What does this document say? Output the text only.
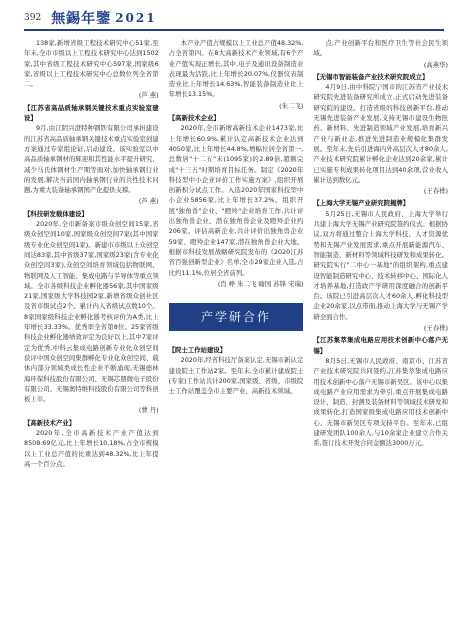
392 無錫年鑒 2021

138家,新增省级工程技术研究中心51家,至年末,全市市级以上工程技术研究中心达到1502家,其中省级工程技术研究中心597家,国家级6家,省级以上工程技术研究中心总数位列全省第二。

(芦 燕)

【江苏省高品质轴承钢关键技术重点实验室建设】

9月,由江阴兴澄特种钢铁有限公司承担建设的江苏省高品质轴承钢关键技术重点实验室创建方案通过专家组论证,启动建设。该实验室以中高品质轴承钢材的辉迎和其性能水平提升研究、减少马氏体钢材生产期等面对,加快轴承钢行业的发展,解决当前国内轴承钢行业的共性技术问题,为重大装备轴承钢国产化提供支撑。

(芦 燕)

【科技研发载体建设】

2020年,全市新备案市级众创空间15家,省级众创空间10家,国家级众创空间7家(其中国家级专业化众创空间1家)。新建市市级以上众创空间达83家,其中省级37家,国家级23家(含专业化众创空间3家),众创空间培育领域包括物联网、物联网及人工智能、集成电路与半导体等重点领域。全市各级科技企业孵化器56家,其中国家级21家,国家级大学科技园2家,新增省级众创社区及省市级试点2个。累计内入省级试点数10个。8家国家级科技企业孵化器考核评价为A类,比上年增长33.33%。优秀率全省第8位。25家省级科技企业孵化器绩效评定为良好以上,其中7家评定为优秀,中科云集成电路创新专业化众创空间获评中国众创空间集群孵化专业化众创空间、载体内部分领域类成长性企业不断涌现,无锡德林海环保科技股份有限公司、无锡芯朋微电子股份有限公司、无锡奥特维科技股份有限公司等科创板上市。

(曹 丹)

【高新技术产业】

2020年,全市高新技术产业产值达到8508.69亿元,比上年增长10.18%,占全市规模以上工业总产值的比重达到48.32%,比上年提高一个百分点。

本产业产值占规模以上工业总产值48.32%,占全省第四。在8大高新技术产业领域,有6个产业产值实现正增长,其中,电子及通讯设备制造业表现最为活跃,比上年增长20.07%,仪器仪表制造业比上年增长14.63%,智能装备制造业比上年增长13.15%。

(朱二飞)

【高新技术企业】

2020年,全市新增高新技术企业1473家,比上年增长60.9%,累计认定高新技术企业达到4050家,比上年增长44.8%,增幅位居全省第一,总数居"十二五"末(1095家)的2.89倍,超额完成"十三五"时期培育目标任务。制定《2020年科技型中小企业评价工作实施方案》,组织开展创新积分试点工作。入选2020年国家科技型中小企业5856家,比上年增长37.2%。组织开展"独角兽"企业、"瞪羚"企业培育工作,共计评出独角兽企业、潜在独角兽企业及瞪羚企业约206家。评估高新企业,共计评价出独角兽企业59家、瞪羚企业147家,潜在独角兽企业大地。根据市科技发展战略研究院发布的《2020江苏省百强创新型企业》名单,全市29家企业入选,占比约11.1%,位居全省前列。

(肖 峥 朱二飞 喻国 苏锋 宋瑞)
产学研合作

【院士工作站建设】

2020年,经省科技厅备案认定,无锡市新认定建设院士工作站2家。至年末,全市累计建成院士(专家)工作站共计200家,国家级、省级、市级院士工作站覆盖全市主要产业、高新技术领域。

点,产业创新平台和医疗卫生等社会民生领域。

(高燕华)

【无锡市智能装备产业技术研究院成立】

4月9日,由中科院宁国市的江苏省产业技术研究院先进装备研究所成立,正式启动先进装备研究院的建设。打造省级的科技创新平台,推动无锡先进装备产业发展,支持无锡市建设生物医药、新材料、先进制造领域产业发展,培育新兴产业与新业态,推进先进制造业规模化集群发展。至年末,先后引进海内外高层次人才80余人,产业技术研究院累计孵化企业达到20余家,累计已实施专利成果转化项目达到40余项,营业收入累计达到数亿元。

(王春桦)

【上海大学无锡产业研究院揭牌】

5月25日,无锡市人民政府、上海大学举行共建上海大学无锡产业研究院签约仪式。根据协议,双方将通过整合上海大学科技、人才资源优势和无锡产业发展需求,重点开展新能源汽车、智能制造、新材料等领域科技研发和成果转化。研究院实行"二中心一基地"的组织架构,重点建设智能制造研究中心、技术转移中心、国际化人才培养基地,打造政产学研用深度融合的创新平台。该院已引进高层次人才60余人,孵化科技型企业20余家,以点带面,推动上海大学与无锡产学研全面合作。

(王春桦)

【江苏集萃集成电路应用技术创新中心落户无锡】

8月5日,无锡市人民政府、南京市、江苏省产业技术研究院共同签约,江苏集萃集成电路应用技术创新中心落户无锡市新吴区。该中心以集成电路产业应用需求为牵引,重点开展集成电路设计、制造、封测及装备材料等领域技术研发和成果转化,打造国家级集成电路应用技术创新中心、无锡市新吴区专项支持平台。至年末,已组建研发团队100余人,与10余家企业建立合作关系,签订技术开发合同金额达3000万元。
